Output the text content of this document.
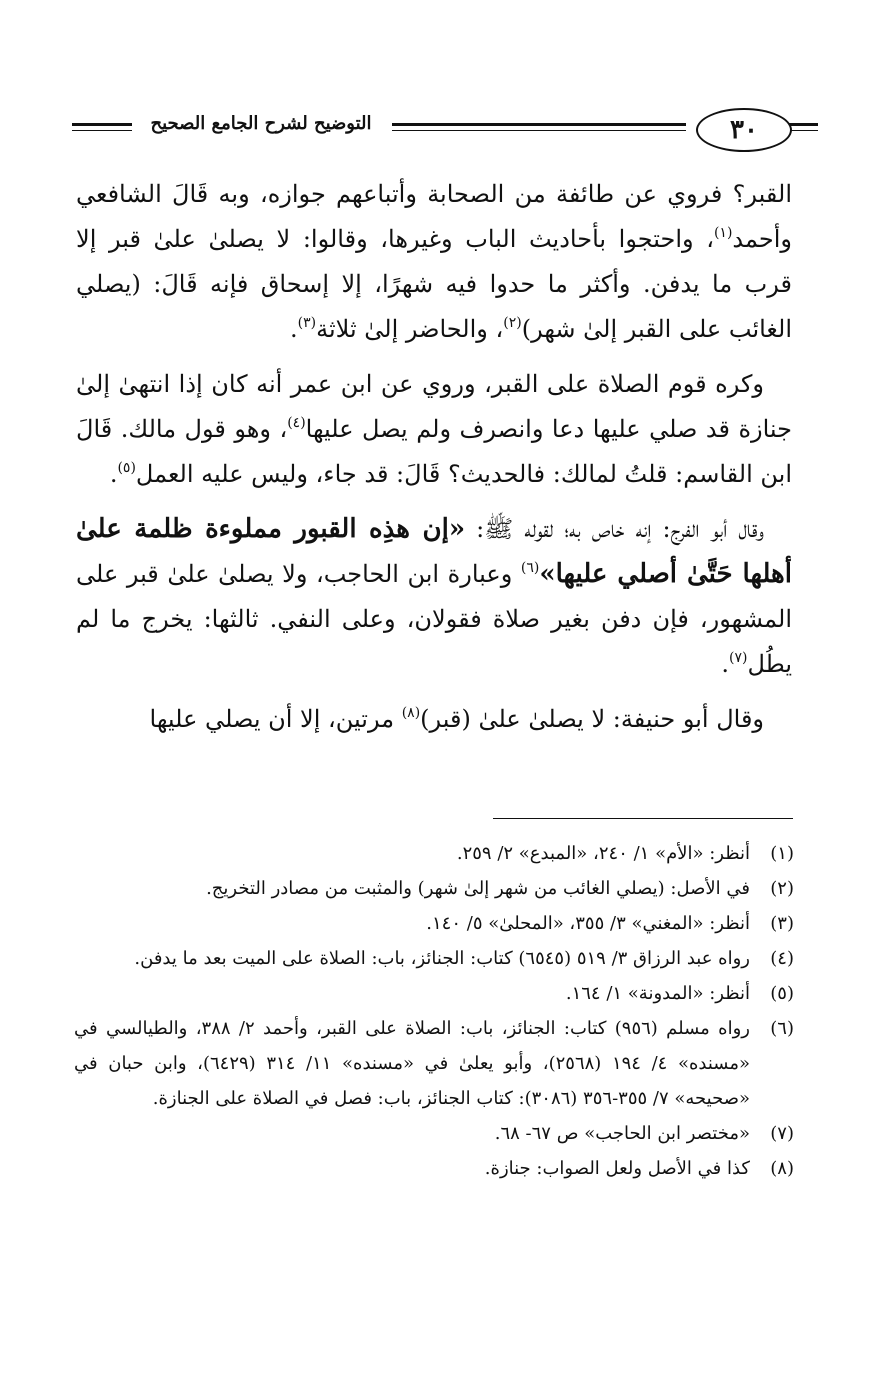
٣٠
التوضيح لشرح الجامع الصحيح

القبر؟ فروي عن طائفة من الصحابة وأتباعهم جوازه، وبه قَالَ الشافعي وأحمد$^{(١)}$، واحتجوا بأحاديث الباب وغيرها، وقالوا: لا يصلىٰ علىٰ قبر إلا قرب ما يدفن. وأكثر ما حدوا فيه شهرًا، إلا إسحاق فإنه قَالَ: (يصلي الغائب على القبر إلىٰ شهر)$^{(٢)}$، والحاضر إلىٰ ثلاثة$^{(٣)}$.

وكره قوم الصلاة على القبر، وروي عن ابن عمر أنه كان إذا انتهىٰ إلىٰ جنازة قد صلي عليها دعا وانصرف ولم يصل عليها$^{(٤)}$، وهو قول مالك. قَالَ ابن القاسم: قلتُ لمالك: فالحديث؟ قَالَ: قد جاء، وليس عليه العمل$^{(٥)}$.

وقال أبو الفرج: إنه خاص به؛ لقوله ﷺ: «إن هذِه القبور مملوءة ظلمة علىٰ أهلها حَتَّىٰ أصلي عليها»$^{(٦)}$ وعبارة ابن الحاجب، ولا يصلىٰ علىٰ قبر على المشهور، فإن دفن بغير صلاة فقولان، وعلى النفي. ثالثها: يخرج ما لم يطُل$^{(٧)}$.

وقال أبو حنيفة: لا يصلىٰ علىٰ (قبر)$^{(٨)}$ مرتين، إلا أن يصلي عليها

(١)
أنظر: «الأم» ١/ ٢٤٠، «المبدع» ٢/ ٢٥٩.
(٢)
في الأصل: (يصلي الغائب من شهر إلىٰ شهر) والمثبت من مصادر التخريج.
(٣)
أنظر: «المغني» ٣/ ٣٥٥، «المحلىٰ» ٥/ ١٤٠.
(٤)
رواه عبد الرزاق ٣/ ٥١٩ (٦٥٤٥) كتاب: الجنائز، باب: الصلاة على الميت بعد ما يدفن.
(٥)
أنظر: «المدونة» ١/ ١٦٤.
(٦)
رواه مسلم (٩٥٦) كتاب: الجنائز، باب: الصلاة على القبر، وأحمد ٢/ ٣٨٨، والطيالسي في «مسنده» ٤/ ١٩٤ (٢٥٦٨)، وأبو يعلىٰ في «مسنده» ١١/ ٣١٤ (٦٤٢٩)، وابن حبان في «صحيحه» ٧/ ٣٥٥-٣٥٦ (٣٠٨٦): كتاب الجنائز، باب: فصل في الصلاة على الجنازة.
(٧)
«مختصر ابن الحاجب» ص ٦٧- ٦٨.
(٨)
كذا في الأصل ولعل الصواب: جنازة.
